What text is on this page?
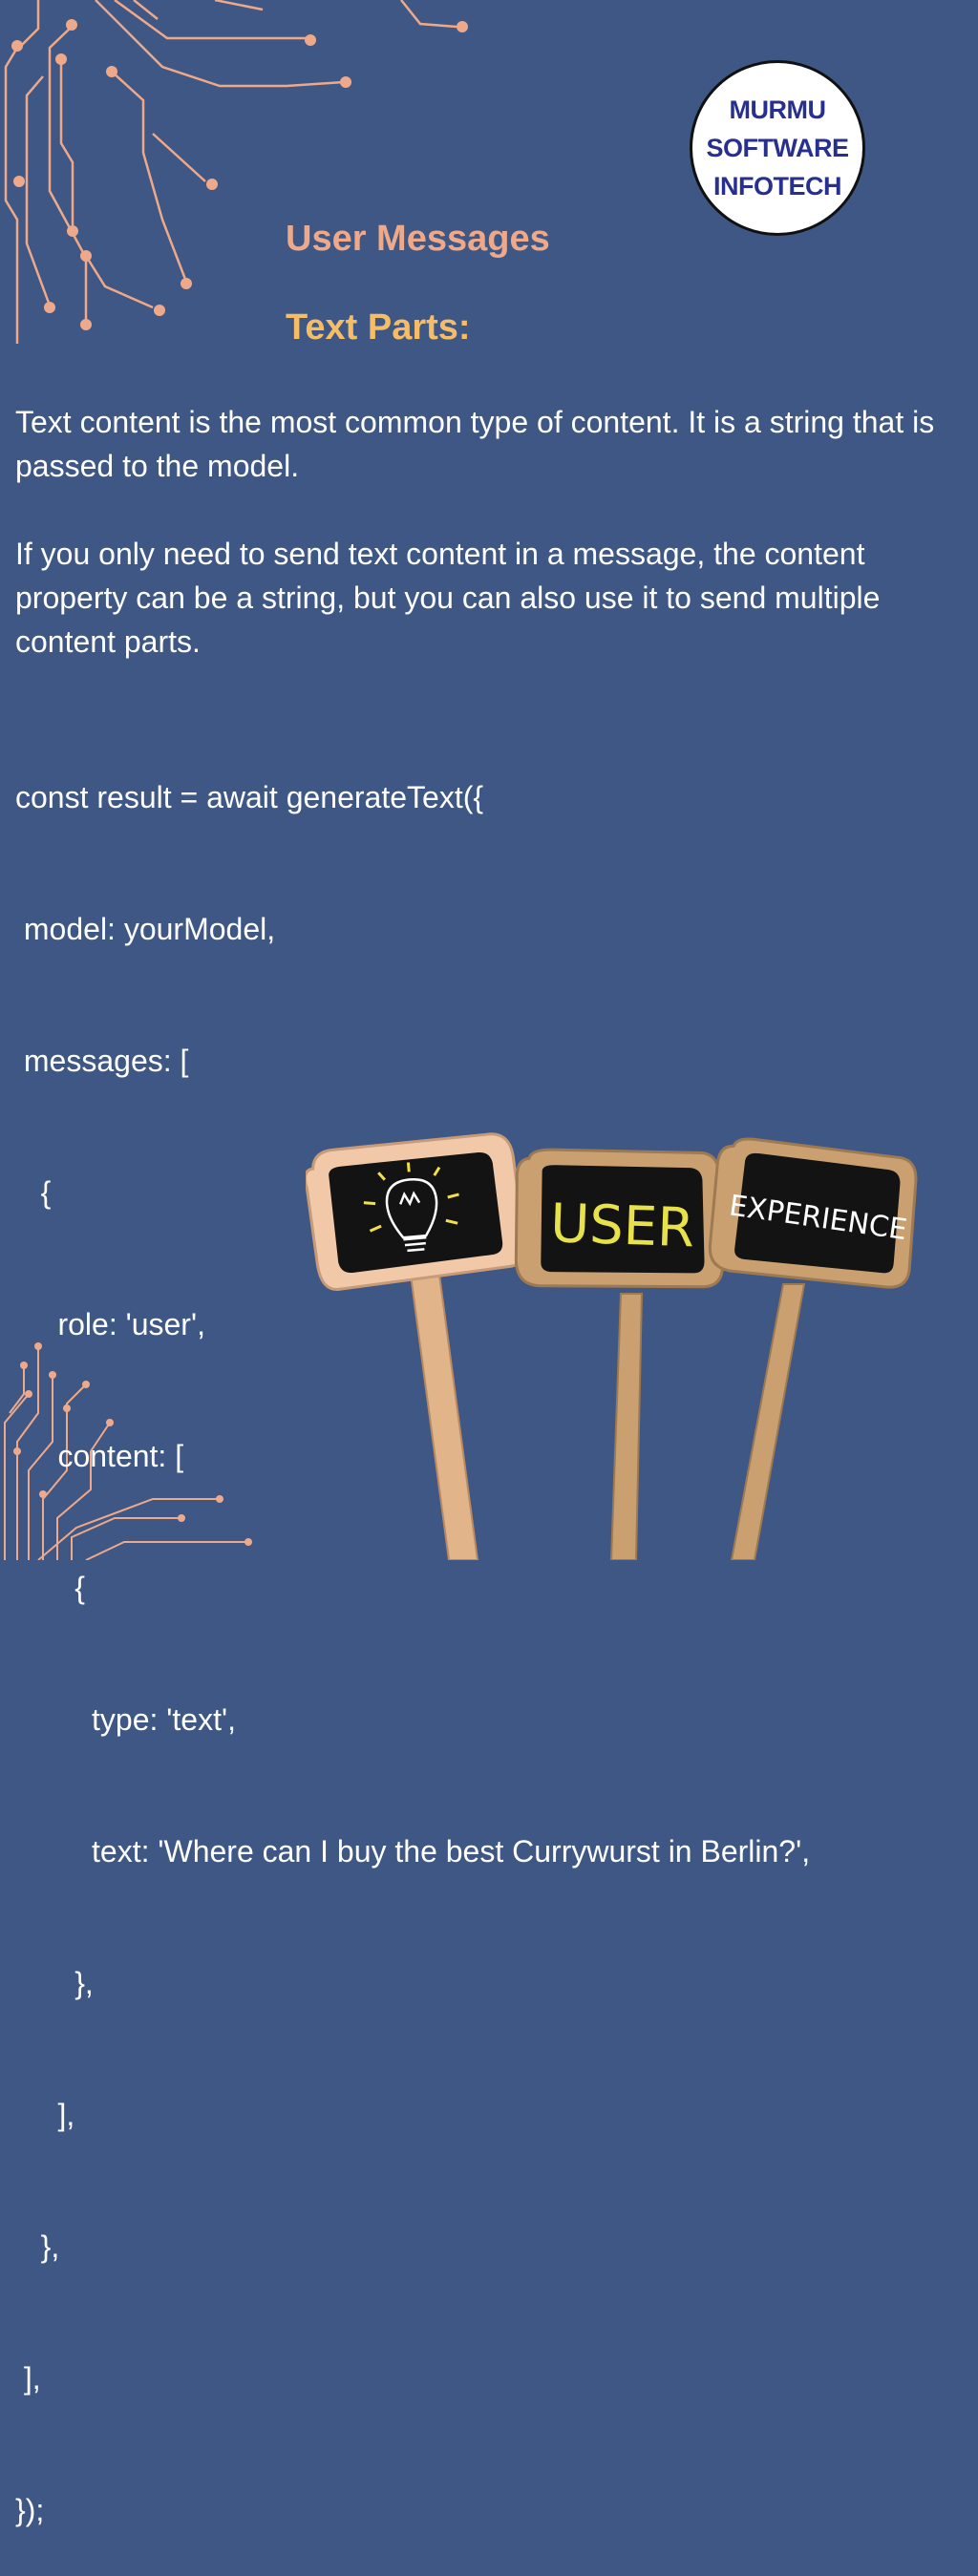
MURMU
SOFTWARE
INFOTECH
User Messages
Text Parts:

Text content is the most common type of content. It is a string that is passed to the model.

If you only need to send text content in a message, the content property can be a string, but you can also use it to send multiple content parts.

const result = await generateText({

model: yourModel,

messages: [

{

role: 'user',

content: [

{

type: 'text',

text: 'Where can I buy the best Currywurst in Berlin?',

},

],

},

],

});

USER EXPERIENCE
